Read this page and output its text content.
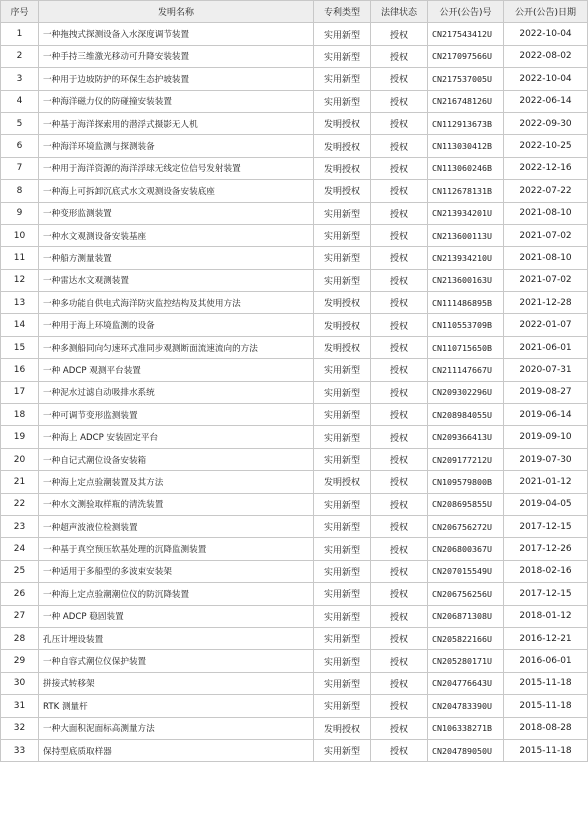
序号	发明名称	专利类型	法律状态	公开(公告)号	公开(公告)日期
1	一种拖拽式探测设备入水深度调节装置	实用新型	授权	CN217543412U	2022-10-04
2	一种手持三维激光移动可升降安装装置	实用新型	授权	CN217097566U	2022-08-02
3	一种用于边坡防护的环保生态护坡装置	实用新型	授权	CN217537005U	2022-10-04
4	一种海洋磁力仪的防碰撞安装装置	实用新型	授权	CN216748126U	2022-06-14
5	一种基于海洋探索用的潜浮式摄影无人机	发明授权	授权	CN112913673B	2022-09-30
6	一种海洋环境监测与探测装备	发明授权	授权	CN113030412B	2022-10-25
7	一种用于海洋资源的海洋浮球无线定位信号发射装置	发明授权	授权	CN113060246B	2022-12-16
8	一种海上可拆卸沉底式水文观测设备安装底座	发明授权	授权	CN112678131B	2022-07-22
9	一种变形监测装置	实用新型	授权	CN213934201U	2021-08-10
10	一种水文观测设备安装基座	实用新型	授权	CN213600113U	2021-07-02
11	一种船方测量装置	实用新型	授权	CN213934210U	2021-08-10
12	一种雷达水文观测装置	实用新型	授权	CN213600163U	2021-07-02
13	一种多功能自供电式海洋防灾监控结构及其使用方法	发明授权	授权	CN111486895B	2021-12-28
14	一种用于海上环境监测的设备	发明授权	授权	CN110553709B	2022-01-07
15	一种多测船同向匀速环式准同步观测断面流速流向的方法	发明授权	授权	CN110715650B	2021-06-01
16	一种 ADCP 观测平台装置	实用新型	授权	CN211147667U	2020-07-31
17	一种泥水过滤自动吸排水系统	实用新型	授权	CN209302296U	2019-08-27
18	一种可调节变形监测装置	实用新型	授权	CN208984055U	2019-06-14
19	一种海上 ADCP 安装固定平台	实用新型	授权	CN209366413U	2019-09-10
20	一种自记式潮位设备安装箱	实用新型	授权	CN209177212U	2019-07-30
21	一种海上定点验潮装置及其方法	发明授权	授权	CN109579800B	2021-01-12
22	一种水文测验取样瓶的清洗装置	实用新型	授权	CN208695855U	2019-04-05
23	一种超声波液位检测装置	实用新型	授权	CN206756272U	2017-12-15
24	一种基于真空预压软基处理的沉降监测装置	实用新型	授权	CN206800367U	2017-12-26
25	一种适用于多船型的多波束安装架	实用新型	授权	CN207015549U	2018-02-16
26	一种海上定点验潮潮位仪的防沉降装置	实用新型	授权	CN206756256U	2017-12-15
27	一种 ADCP 稳固装置	实用新型	授权	CN206871308U	2018-01-12
28	孔压计埋设装置	实用新型	授权	CN205822166U	2016-12-21
29	一种自容式潮位仪保护装置	实用新型	授权	CN205280171U	2016-06-01
30	拼接式转移架	实用新型	授权	CN204776643U	2015-11-18
31	RTK 测量杆	实用新型	授权	CN204783390U	2015-11-18
32	一种大面积泥面标高测量方法	发明授权	授权	CN106338271B	2018-08-28
33	保持型底质取样器	实用新型	授权	CN204789050U	2015-11-18
